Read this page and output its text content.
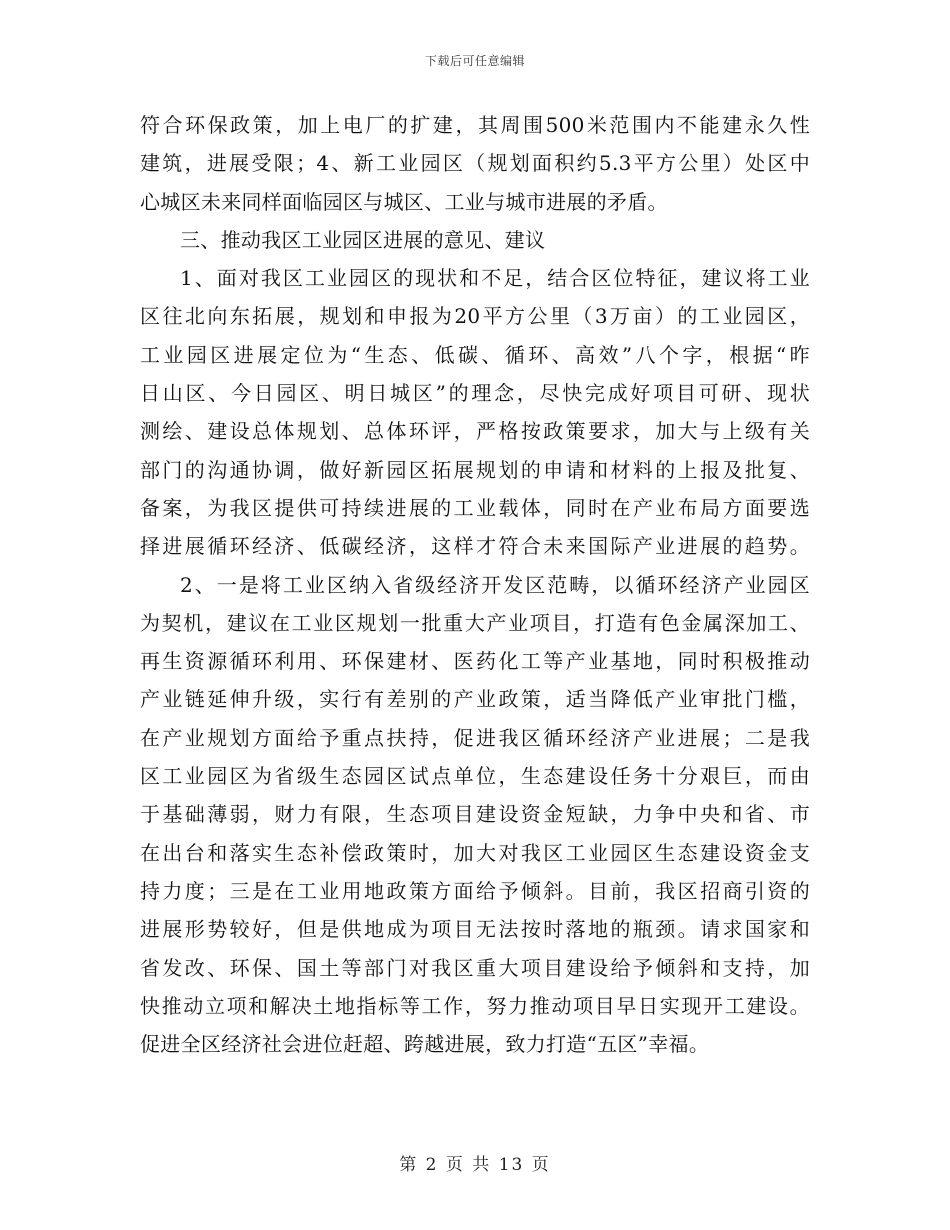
下载后可任意编辑
符合环保政策，加上电厂的扩建，其周围500米范围内不能建永久性
建筑，进展受限；4、新工业园区（规划面积约5.3平方公里）处区中
心城区未来同样面临园区与城区、工业与城市进展的矛盾。
三、推动我区工业园区进展的意见、建议
1、面对我区工业园区的现状和不足，结合区位特征，建议将工业
区往北向东拓展，规划和申报为20平方公里（3万亩）的工业园区，
工业园区进展定位为“生态、低碳、循环、高效”八个字，根据“昨
日山区、今日园区、明日城区”的理念，尽快完成好项目可研、现状
测绘、建设总体规划、总体环评，严格按政策要求，加大与上级有关
部门的沟通协调，做好新园区拓展规划的申请和材料的上报及批复、
备案，为我区提供可持续进展的工业载体，同时在产业布局方面要选
择进展循环经济、低碳经济，这样才符合未来国际产业进展的趋势。
2、一是将工业区纳入省级经济开发区范畴，以循环经济产业园区
为契机，建议在工业区规划一批重大产业项目，打造有色金属深加工、
再生资源循环利用、环保建材、医药化工等产业基地，同时积极推动
产业链延伸升级，实行有差别的产业政策，适当降低产业审批门槛，
在产业规划方面给予重点扶持，促进我区循环经济产业进展；二是我
区工业园区为省级生态园区试点单位，生态建设任务十分艰巨，而由
于基础薄弱，财力有限，生态项目建设资金短缺，力争中央和省、市
在出台和落实生态补偿政策时，加大对我区工业园区生态建设资金支
持力度；三是在工业用地政策方面给予倾斜。目前，我区招商引资的
进展形势较好，但是供地成为项目无法按时落地的瓶颈。请求国家和
省发改、环保、国土等部门对我区重大项目建设给予倾斜和支持，加
快推动立项和解决土地指标等工作，努力推动项目早日实现开工建设。
促进全区经济社会进位赶超、跨越进展，致力打造“五区”幸福。
第 2 页 共 13 页
